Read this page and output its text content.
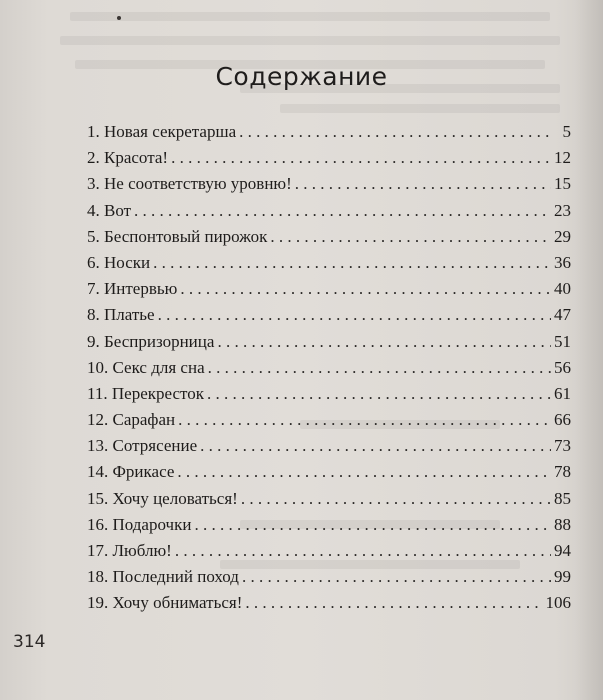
Содержание
1.
Новая секретарша . . .	5
2.
Красота! . . .	12
3.
Не соответствую уровню! . . .	15
4.
Вот . . .	23
5.
Беспонтовый пирожок . . .	29
6.
Носки . . .	36
7.
Интервью . . .	40
8.
Платье . . .	47
9.
Беспризорница . . .	51
10.
Секс для сна . . .	56
11.
Перекресток . . .	61
12.
Сарафан . . .	66
13.
Сотрясение . . .	73
14.
Фрикасе . . .	78
15.
Хочу целоваться! . . .	85
16.
Подарочки . . .	88
17.
Люблю! . . .	94
18.
Последний поход . . .	99
19.
Хочу обниматься! . . .	106
314
